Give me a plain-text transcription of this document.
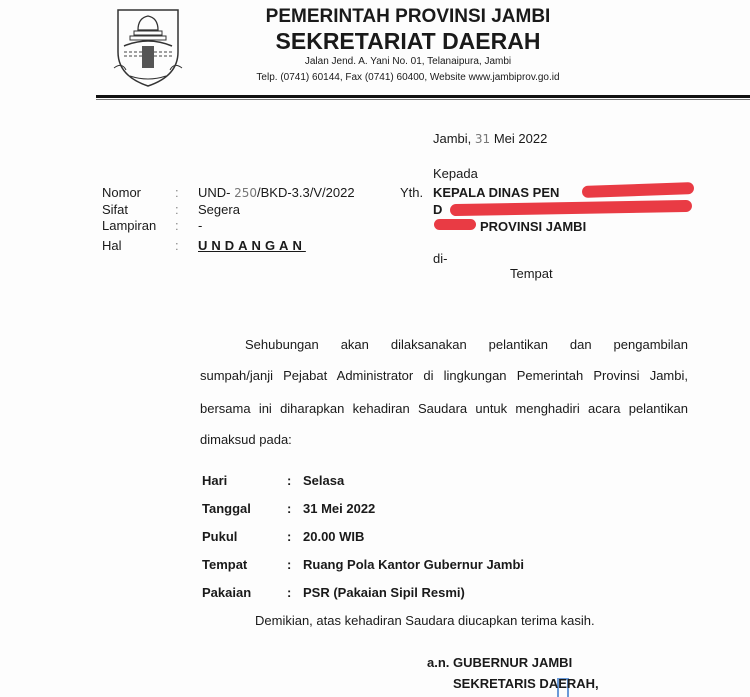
PEMERINTAH PROVINSI JAMBI
SEKRETARIAT DAERAH
Jalan Jend. A. Yani No. 01, Telanaipura, Jambi
Telp. (0741) 60144, Fax (0741) 60400, Website www.jambiprov.go.id
Jambi, 31 Mei 2022
Kepada
Yth. KEPALA DINAS PEN
D
PROVINSI JAMBI
di-
Tempat
Nomor	: UND- 250/BKD-3.3/V/2022
Sifat	: Segera
Lampiran : -
Hal	: UNDANGAN
Sehubungan akan dilaksanakan pelantikan dan pengambilan
sumpah/janji Pejabat Administrator di lingkungan Pemerintah Provinsi Jambi,
bersama ini diharapkan kehadiran Saudara untuk menghadiri acara pelantikan
dimaksud pada:
Hari	: Selasa
Tanggal	: 31 Mei 2022
Pukul	: 20.00 WIB
Tempat	: Ruang Pola Kantor Gubernur Jambi
Pakaian	: PSR (Pakaian Sipil Resmi)
Demikian, atas kehadiran Saudara diucapkan terima kasih.
a.n. GUBERNUR JAMBI
SEKRETARIS DAERAH,
